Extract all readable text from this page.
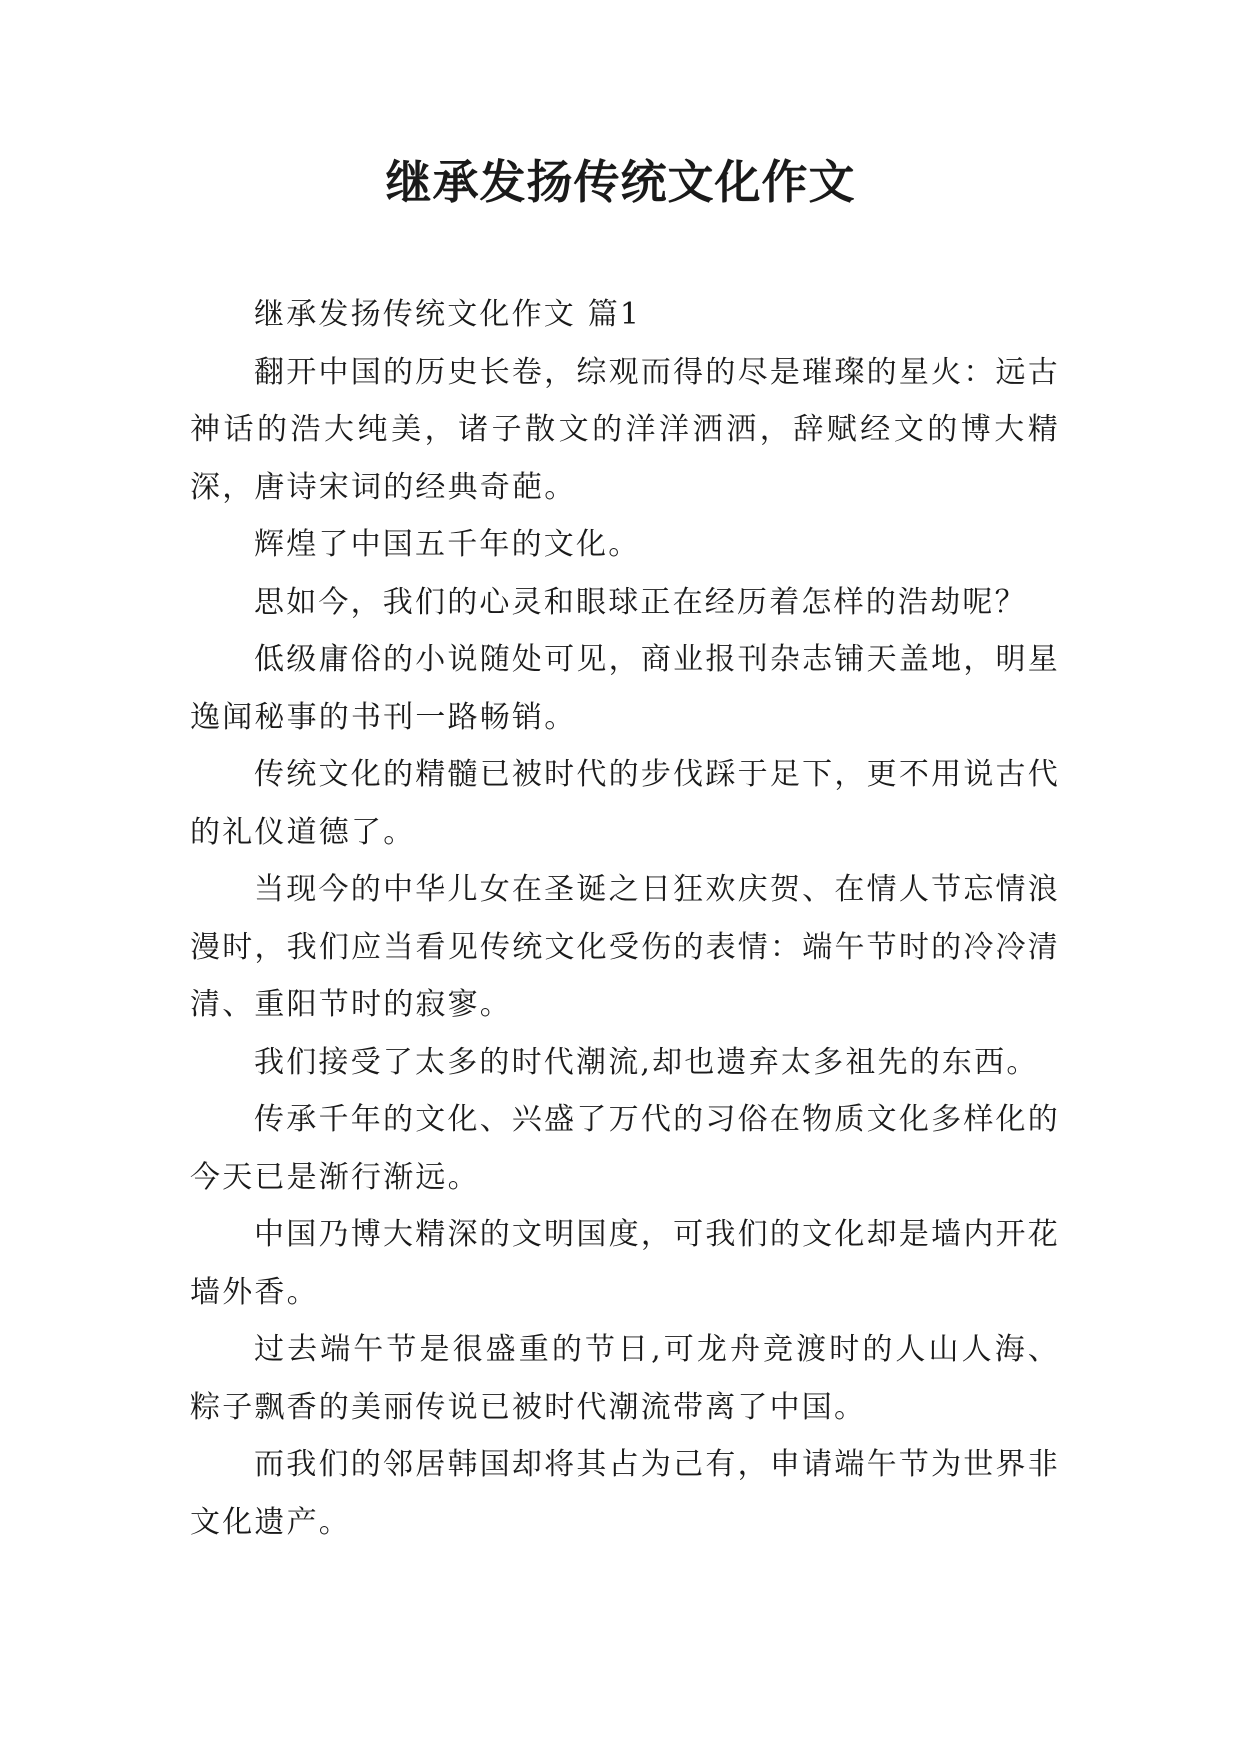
继承发扬传统文化作文

继承发扬传统文化作文 篇1

翻开中国的历史长卷，综观而得的尽是璀璨的星火：远古神话的浩大纯美，诸子散文的洋洋洒洒，辞赋经文的博大精深，唐诗宋词的经典奇葩。

辉煌了中国五千年的文化。

思如今，我们的心灵和眼球正在经历着怎样的浩劫呢？

低级庸俗的小说随处可见，商业报刊杂志铺天盖地，明星逸闻秘事的书刊一路畅销。

传统文化的精髓已被时代的步伐踩于足下，更不用说古代的礼仪道德了。

当现今的中华儿女在圣诞之日狂欢庆贺、在情人节忘情浪漫时，我们应当看见传统文化受伤的表情：端午节时的冷冷清清、重阳节时的寂寥。

我们接受了太多的时代潮流,却也遗弃太多祖先的东西。

传承千年的文化、兴盛了万代的习俗在物质文化多样化的今天已是渐行渐远。

中国乃博大精深的文明国度，可我们的文化却是墙内开花墙外香。

过去端午节是很盛重的节日,可龙舟竞渡时的人山人海、粽子飘香的美丽传说已被时代潮流带离了中国。

而我们的邻居韩国却将其占为己有，申请端午节为世界非文化遗产。
